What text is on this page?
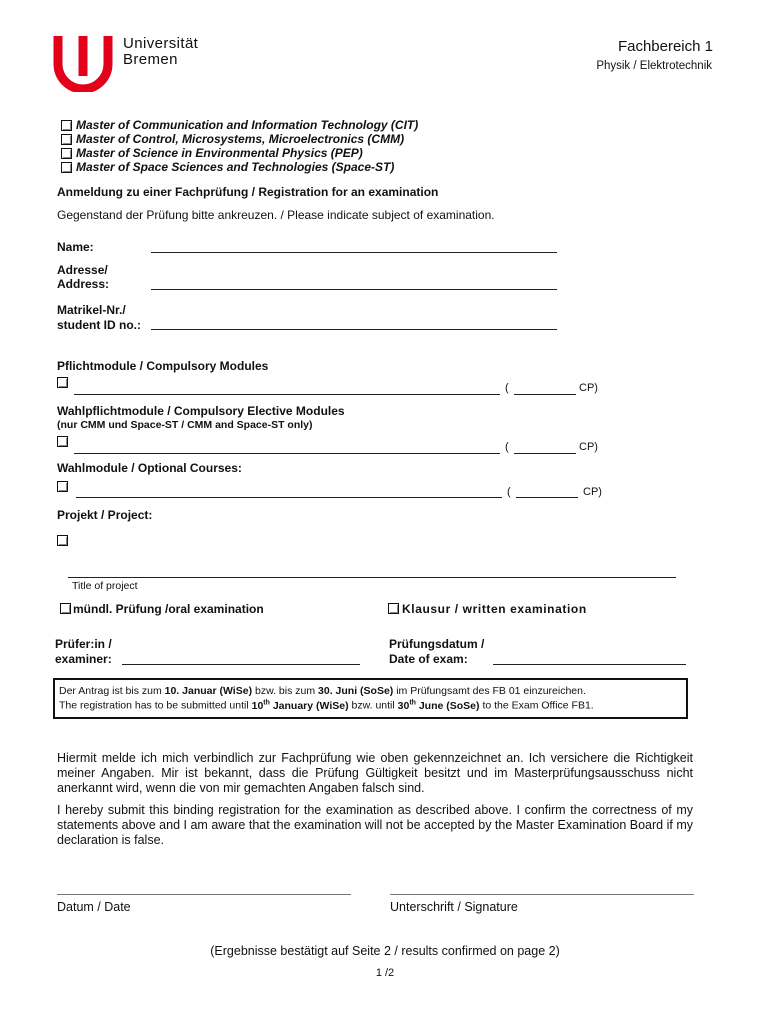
Universität
Bremen
Fachbereich 1
Physik / Elektrotechnik
Master of Communication and Information Technology (CIT)
Master of Control, Microsystems, Microelectronics (CMM)
Master of Science in Environmental Physics (PEP)
Master of Space Sciences and Technologies (Space-ST)
Anmeldung zu einer Fachprüfung / Registration for an examination
Gegenstand der Prüfung bitte ankreuzen. / Please indicate subject of examination.
Name:
Adresse/
Address:
Matrikel-Nr./
student ID no.:
Pflichtmodule / Compulsory Modules
(	CP)
Wahlpflichtmodule / Compulsory Elective Modules
(nur CMM und Space-ST / CMM and Space-ST only)
(	CP)
Wahlmodule / Optional Courses:
(	CP)
Projekt / Project:
Title of project
mündl. Prüfung /oral examination	Klausur / written examination
Prüfer:in /
examiner:
Prüfungsdatum /
Date of exam:
Der Antrag ist bis zum 10. Januar (WiSe) bzw. bis zum 30. Juni (SoSe) im Prüfungsamt des FB 01 einzureichen.
The registration has to be submitted until 10th January (WiSe) bzw. until 30th June (SoSe) to the Exam Office FB1.
Hiermit melde ich mich verbindlich zur Fachprüfung wie oben gekennzeichnet an. Ich versichere die Richtigkeit meiner Angaben. Mir ist bekannt, dass die Prüfung Gültigkeit besitzt und im Masterprüfungsausschuss nicht anerkannt wird, wenn die von mir gemachten Angaben falsch sind.
I hereby submit this binding registration for the examination as described above. I confirm the correctness of my statements above and I am aware that the examination will not be accepted by the Master Examination Board if my declaration is false.
Datum / Date	Unterschrift / Signature
(Ergebnisse bestätigt auf Seite 2 / results confirmed on page 2)
1 /2
